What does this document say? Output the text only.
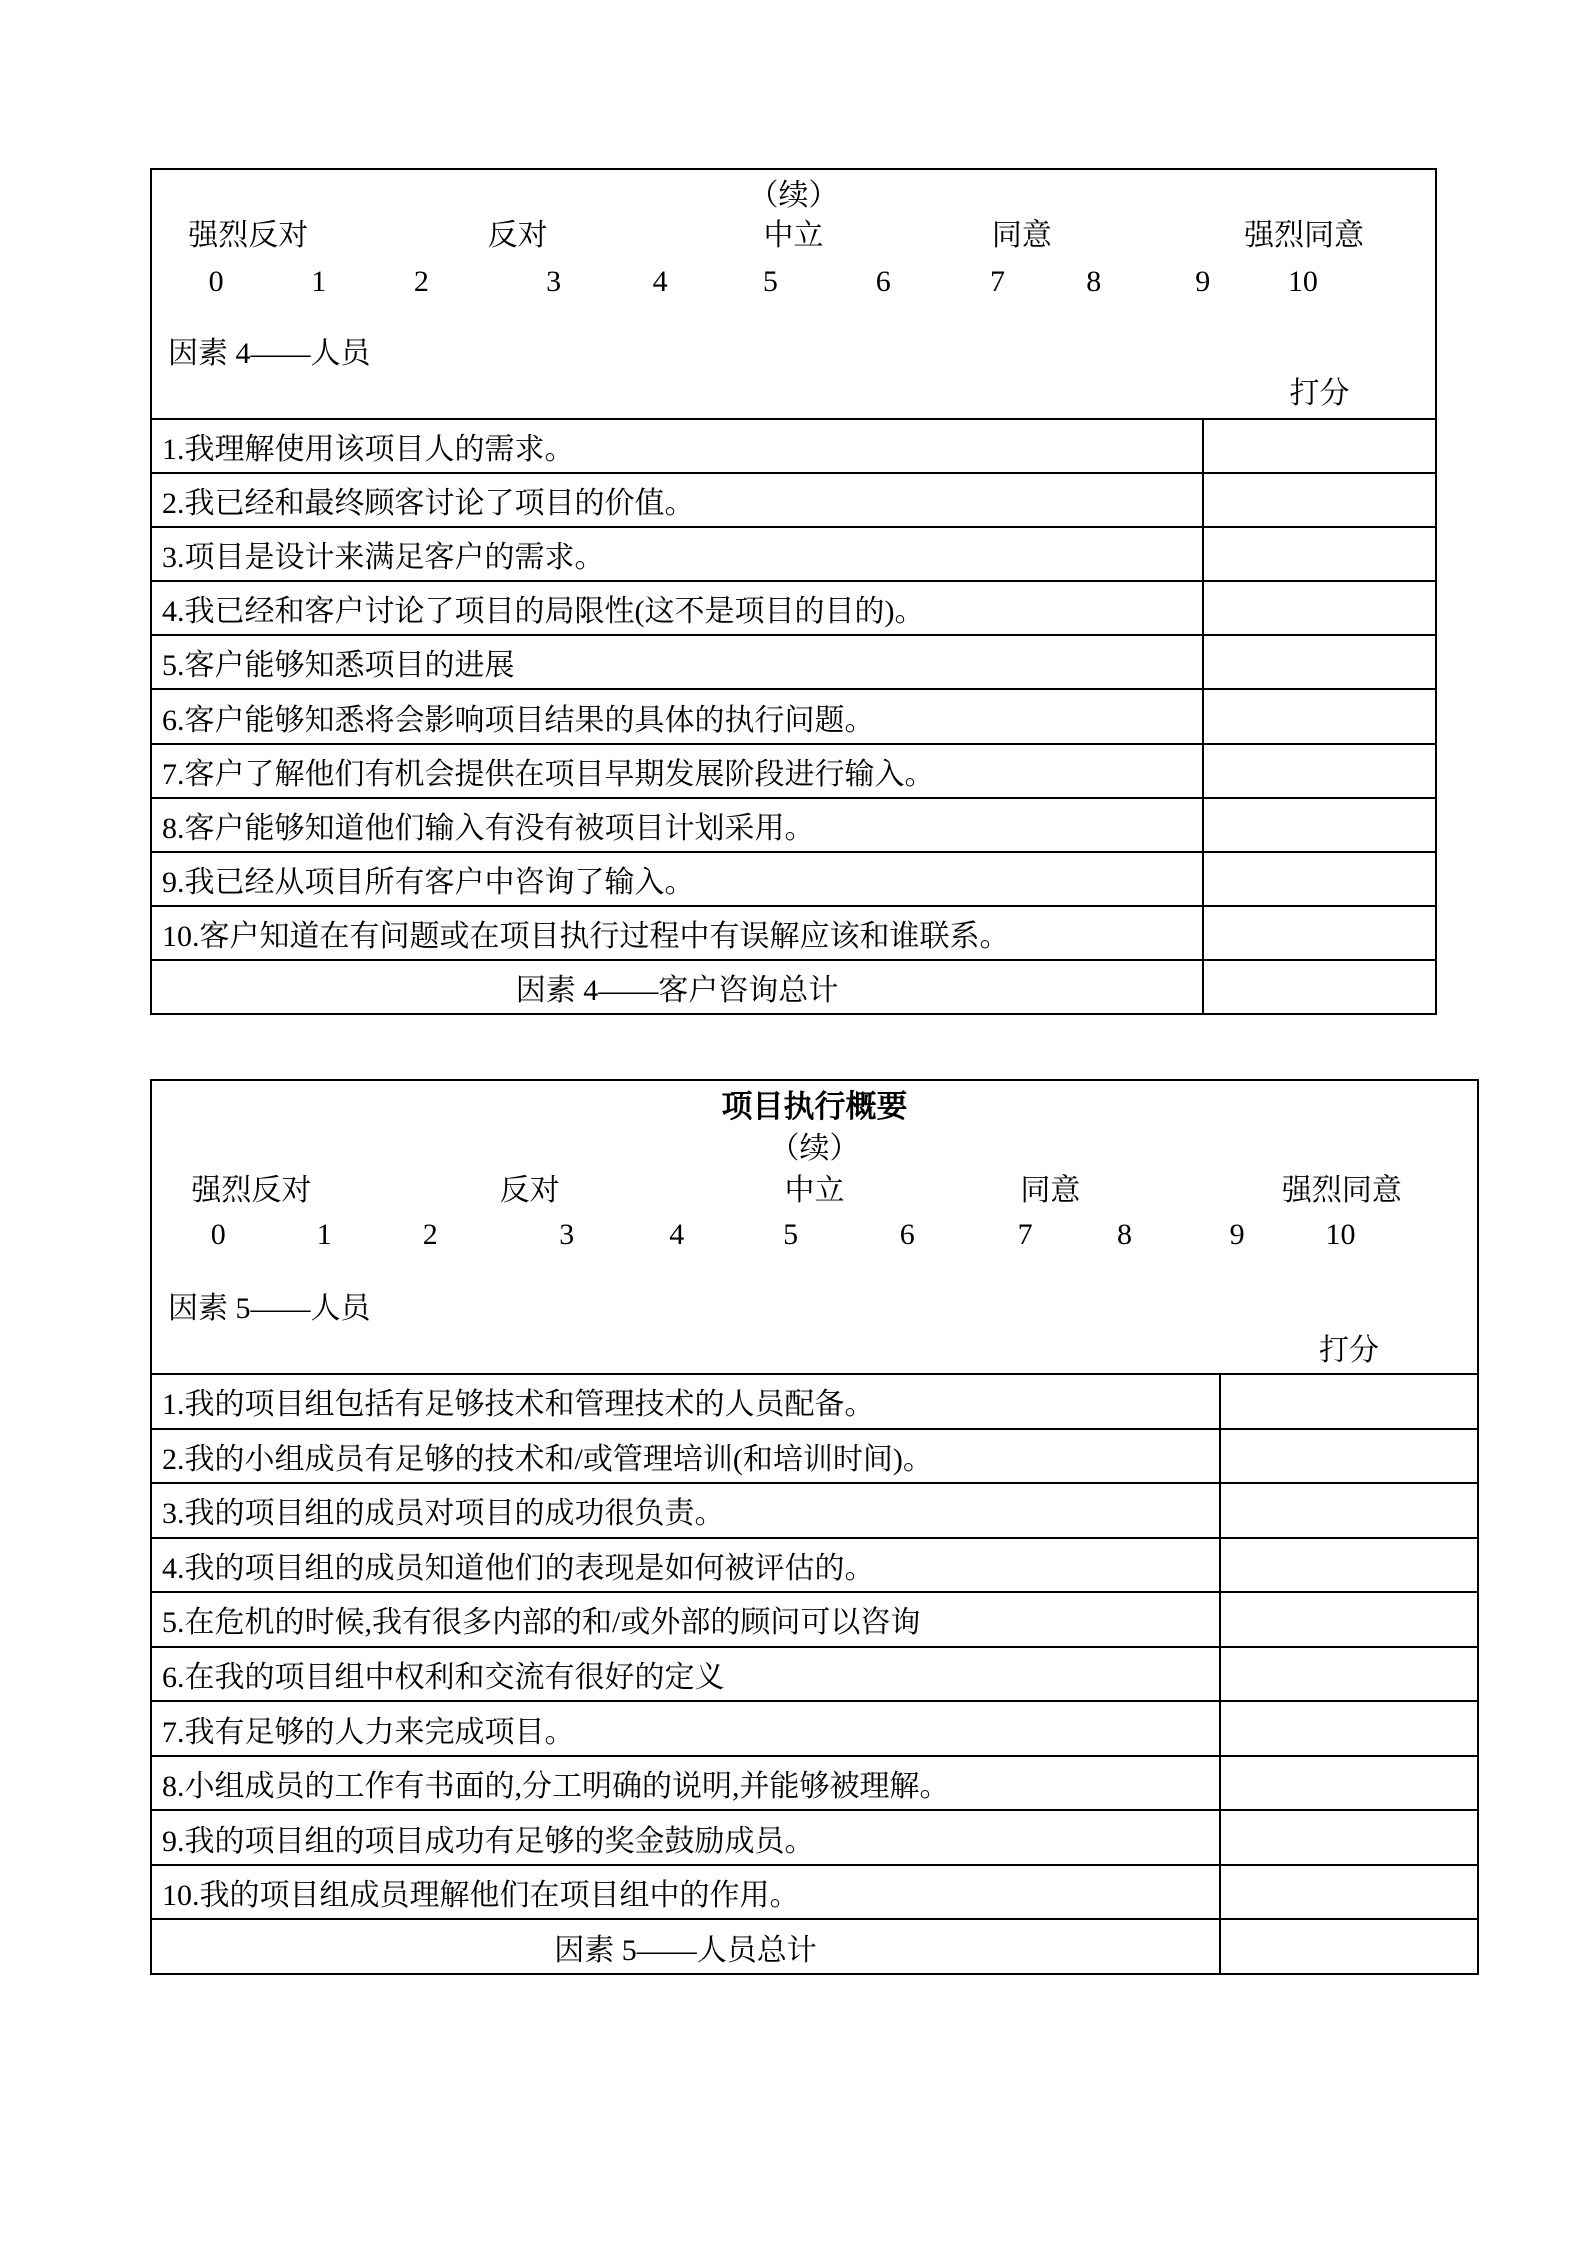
（续）
强烈反对	反对	中立	同意	强烈同意
0	1	2	3	4	5	6	7	8	9	10
因素 4——人员
打分
1.我理解使用该项目人的需求。
2.我已经和最终顾客讨论了项目的价值。
3.项目是设计来满足客户的需求。
4.我已经和客户讨论了项目的局限性(这不是项目的目的)。
5.客户能够知悉项目的进展
6.客户能够知悉将会影响项目结果的具体的执行问题。
7.客户了解他们有机会提供在项目早期发展阶段进行输入。
8.客户能够知道他们输入有没有被项目计划采用。
9.我已经从项目所有客户中咨询了输入。
10.客户知道在有问题或在项目执行过程中有误解应该和谁联系。
因素 4——客户咨询总计
项目执行概要
（续）
强烈反对	反对	中立	同意	强烈同意
0	1	2	3	4	5	6	7	8	9	10
因素 5——人员
打分
1.我的项目组包括有足够技术和管理技术的人员配备。
2.我的小组成员有足够的技术和/或管理培训(和培训时间)。
3.我的项目组的成员对项目的成功很负责。
4.我的项目组的成员知道他们的表现是如何被评估的。
5.在危机的时候,我有很多内部的和/或外部的顾问可以咨询
6.在我的项目组中权利和交流有很好的定义
7.我有足够的人力来完成项目。
8.小组成员的工作有书面的,分工明确的说明,并能够被理解。
9.我的项目组的项目成功有足够的奖金鼓励成员。
10.我的项目组成员理解他们在项目组中的作用。
因素 5——人员总计
